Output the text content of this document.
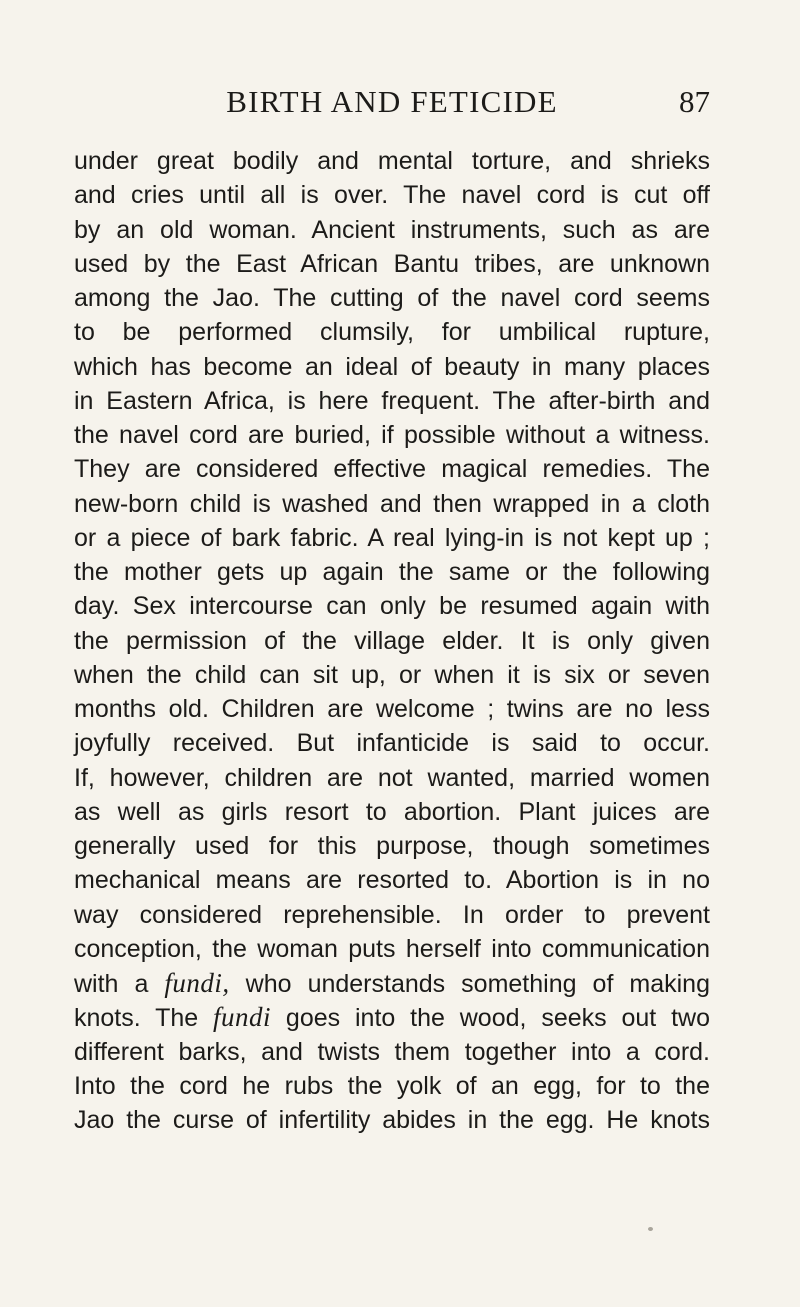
BIRTH AND FETICIDE	87
under great bodily and mental torture, and shrieks
and cries until all is over. The navel cord is cut off
by an old woman. Ancient instruments, such as are
used by the East African Bantu tribes, are unknown
among the Jao. The cutting of the navel cord seems
to be performed clumsily, for umbilical rupture,
which has become an ideal of beauty in many places
in Eastern Africa, is here frequent. The after-birth and
the navel cord are buried, if possible without a witness.
They are considered effective magical remedies. The
new-born child is washed and then wrapped in a cloth
or a piece of bark fabric. A real lying-in is not kept up ;
the mother gets up again the same or the following
day. Sex intercourse can only be resumed again with
the permission of the village elder. It is only given
when the child can sit up, or when it is six or seven
months old. Children are welcome ; twins are no less
joyfully received. But infanticide is said to occur.
If, however, children are not wanted, married women
as well as girls resort to abortion. Plant juices are
generally used for this purpose, though sometimes
mechanical means are resorted to. Abortion is in no
way considered reprehensible. In order to prevent
conception, the woman puts herself into communication
with a fundi, who understands something of making
knots. The fundi goes into the wood, seeks out two
different barks, and twists them together into a cord.
Into the cord he rubs the yolk of an egg, for to the
Jao the curse of infertility abides in the egg. He knots
